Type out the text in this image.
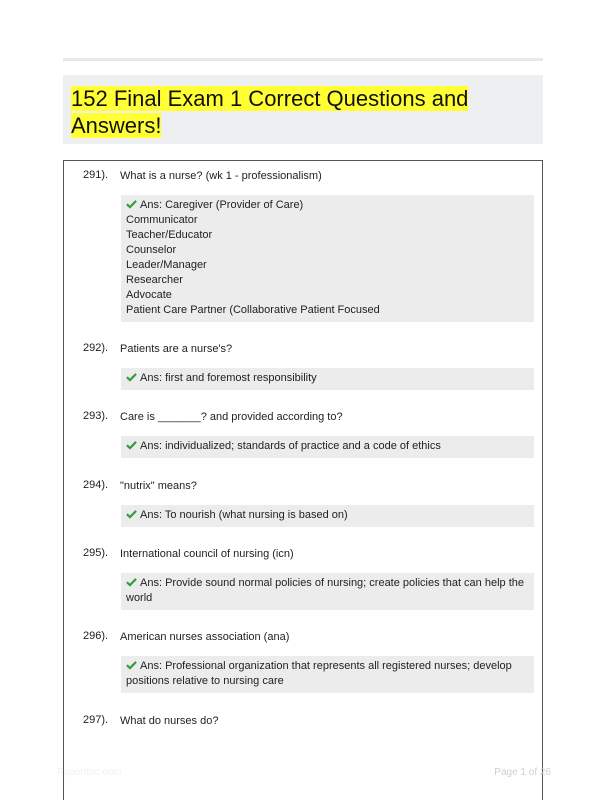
152 Final Exam 1 Correct Questions and Answers!
291). What is a nurse? (wk 1 - professionalism)
Ans: Caregiver (Provider of Care)
Communicator
Teacher/Educator
Counselor
Leader/Manager
Researcher
Advocate
Patient Care Partner (Collaborative Patient Focused
292). Patients are a nurse's?
Ans: first and foremost responsibility
293). Care is _______? and provided according to?
Ans: individualized; standards of practice and a code of ethics
294). "nutrix" means?
Ans: To nourish (what nursing is based on)
295). International council of nursing (icn)
Ans: Provide sound normal policies of nursing; create policies that can help the
world
296). American nurses association (ana)
Ans: Professional organization that represents all registered nurses; develop
positions relative to nursing care
297). What do nurses do?
Papertbtc.com	Page 1 of 26
